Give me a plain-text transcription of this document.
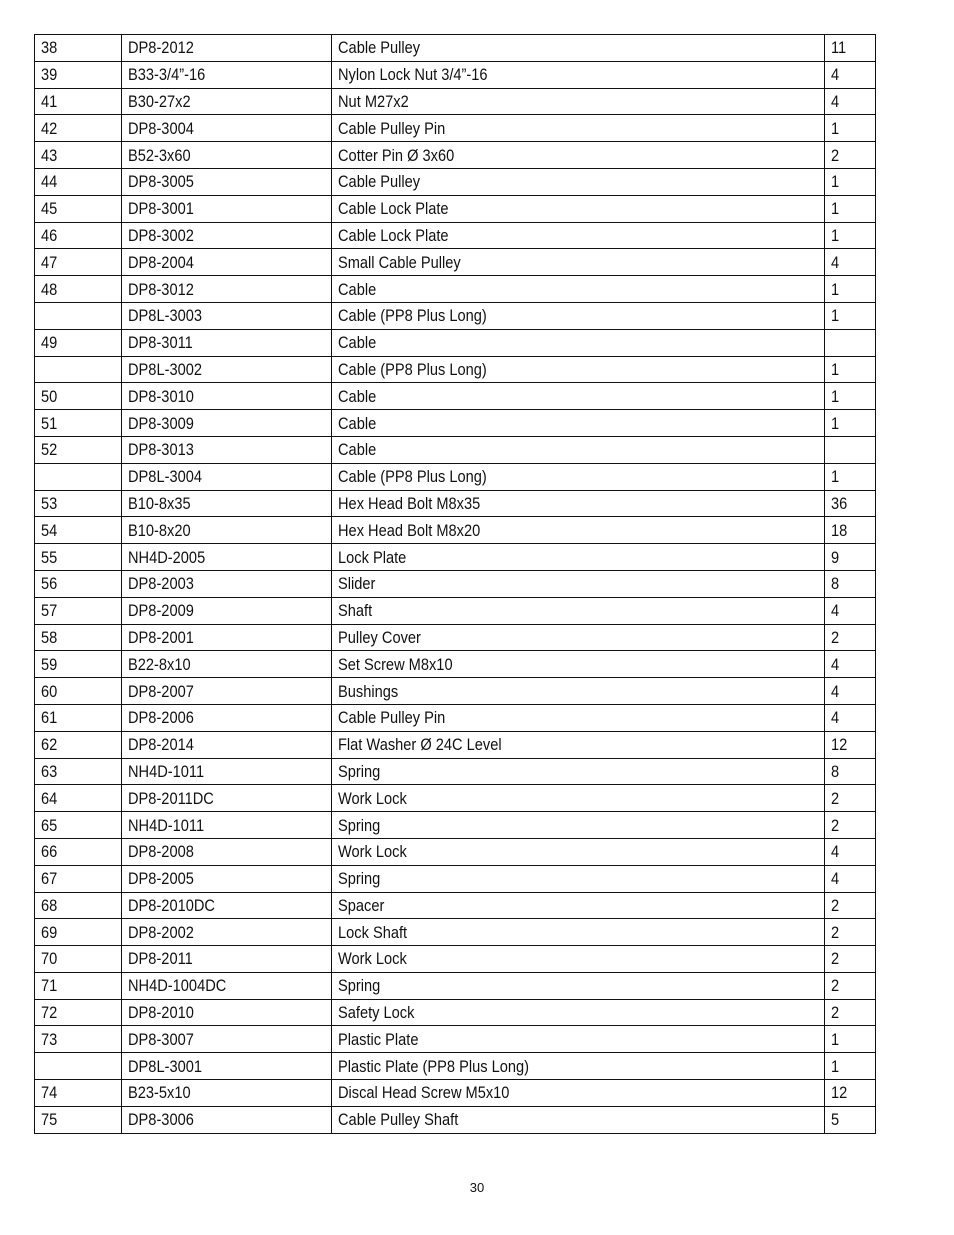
38	DP8-2012	Cable Pulley	11
39	B33-3/4”-16	Nylon Lock Nut 3/4”-16	4
41	B30-27x2	Nut M27x2	4
42	DP8-3004	Cable Pulley Pin	1
43	B52-3x60	Cotter Pin Ø 3x60	2
44	DP8-3005	Cable Pulley	1
45	DP8-3001	Cable Lock Plate	1
46	DP8-3002	Cable Lock Plate	1
47	DP8-2004	Small Cable Pulley	4
48	DP8-3012	Cable	1
	DP8L-3003	Cable (PP8 Plus Long)	1
49	DP8-3011	Cable	
	DP8L-3002	Cable (PP8 Plus Long)	1
50	DP8-3010	Cable	1
51	DP8-3009	Cable	1
52	DP8-3013	Cable	
	DP8L-3004	Cable (PP8 Plus Long)	1
53	B10-8x35	Hex Head Bolt M8x35	36
54	B10-8x20	Hex Head Bolt M8x20	18
55	NH4D-2005	Lock Plate	9
56	DP8-2003	Slider	8
57	DP8-2009	Shaft	4
58	DP8-2001	Pulley Cover	2
59	B22-8x10	Set Screw M8x10	4
60	DP8-2007	Bushings	4
61	DP8-2006	Cable Pulley Pin	4
62	DP8-2014	Flat Washer Ø 24C Level	12
63	NH4D-1011	Spring	8
64	DP8-2011DC	Work Lock	2
65	NH4D-1011	Spring	2
66	DP8-2008	Work Lock	4
67	DP8-2005	Spring	4
68	DP8-2010DC	Spacer	2
69	DP8-2002	Lock Shaft	2
70	DP8-2011	Work Lock	2
71	NH4D-1004DC	Spring	2
72	DP8-2010	Safety Lock	2
73	DP8-3007	Plastic Plate	1
	DP8L-3001	Plastic Plate (PP8 Plus Long)	1
74	B23-5x10	Discal Head Screw M5x10	12
75	DP8-3006	Cable Pulley Shaft	5
30
